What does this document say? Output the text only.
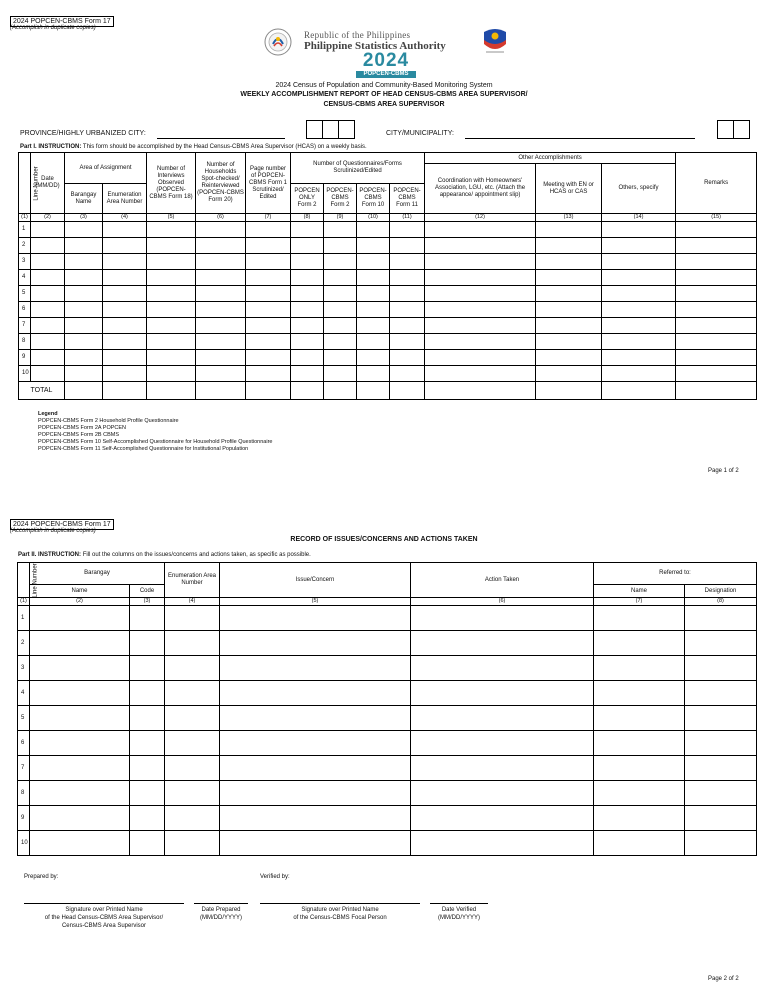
2024 POPCEN-CBMS Form 17
(Accomplish in duplicate copies)
Republic of the Philippines
Philippine Statistics Authority
2024
POPCEN-CBMS
2024 Census of Population and Community-Based Monitoring System
WEEKLY ACCOMPLISHMENT REPORT OF HEAD CENSUS-CBMS AREA SUPERVISOR/
CENSUS-CBMS AREA SUPERVISOR
PROVINCE/HIGHLY URBANIZED CITY:	CITY/MUNICIPALITY:
Part I. INSTRUCTION: This form should be accomplished by the Head Census-CBMS Area Supervisor (HCAS) on a weekly basis.
Line Number	Date (MM/DD)	Area of Assignment		Number of Interviews Observed (POPCEN-CBMS Form 18)	Number of Households Spot-checked/ Reinterviewed (POPCEN-CBMS Form 20)	Page number of POPCEN-CBMS Form 1 Scrutinized/ Edited	Number of Questionnaires/Forms Scrutinized/Edited				Other Accomplishments			Remarks
											Coordination with Homeowners' Association, LGU, etc. (Attach the appearance/ appointment slip)	Meeting with EN or HCAS or CAS	Others, specify	
		Barangay Name	Enumeration Area Number				POPCEN ONLY Form 2	POPCEN-CBMS Form 2	POPCEN-CBMS Form 10	POPCEN-CBMS Form 11				
(1)	(2)	(3)	(4)	(5)	(6)	(7)	(8)	(9)	(10)	(11)	(12)	(13)	(14)	(15)
1														
2														
3														
4														
5														
6														
7														
8														
9														
10														
TOTAL														
Legend
POPCEN-CBMS Form 2 Household Profile Questionnaire
POPCEN-CBMS Form 2A POPCEN
POPCEN-CBMS Form 2B CBMS
POPCEN-CBMS Form 10 Self-Accomplished Questionnaire for Household Profile Questionnaire
POPCEN-CBMS Form 11 Self-Accomplished Questionnaire for Institutional Population
Page 1 of 2
2024 POPCEN-CBMS Form 17
(Accomplish in duplicate copies)
RECORD OF ISSUES/CONCERNS AND ACTIONS TAKEN
Part II. INSTRUCTION: Fill out the columns on the issues/concerns and actions taken, as specific as possible.
Line Number	Barangay		Enumeration Area Number	Issue/Concern	Action Taken	Referred to:	
	Name	Code				Name	Designation
(1)	(2)	(3)	(4)	(5)	(6)	(7)	(8)
1							
2							
3							
4							
5							
6							
7							
8							
9							
10							
Prepared by:	Verified by:
Signature over Printed Name
of the Head Census-CBMS Area Supervisor/
Census-CBMS Area Supervisor
Date Prepared
(MM/DD/YYYY)
Signature over Printed Name
of the Census-CBMS Focal Person
Date Verified
(MM/DD/YYYY)
Page 2 of 2
